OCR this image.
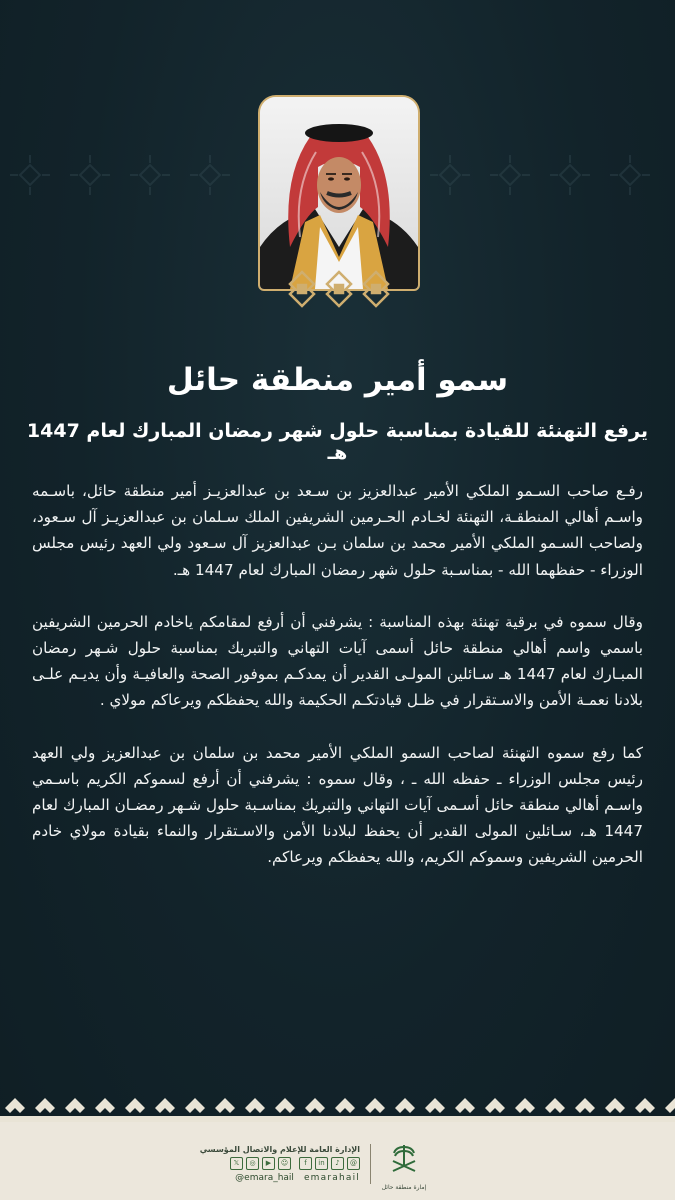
سمو أمير منطقة حائل
يرفع التهنئة للقيادة بمناسبة حلول شهر رمضان المبارك لعام 1447 هـ

رفـع صاحب السـمو الملكي الأمير عبدالعزيز بن سـعد بن عبدالعزيـز أمير منطقة حائل، باسـمه واسـم أهالي المنطقـة، التهنئة لخـادم الحـرمين الشريفين الملك سـلمان بن عبدالعزيـز آل سـعود، ولصاحب السـمو الملكي الأمير محمد بن سلمان بـن عبدالعزيز آل سـعود ولي العهد رئيس مجلس الوزراء - حفظهما الله - بمناسـبة حلول شهر رمضان المبارك لعام 1447 هـ.

وقال سموه في برقية تهنئة بهذه المناسبة : يشرفني أن أرفع لمقامكم ياخادم الحرمين الشريفين باسمي واسم أهالي منطقة حائل أسمى آيات التهاني والتبريك بمناسبة حلول شـهر رمضان المبـارك لعام 1447 هـ سـائلين المولـى القدير أن يمدكـم بموفور الصحة والعافيـة وأن يديـم علـى بلادنا نعمـة الأمن والاسـتقرار في ظـل قيادتكـم الحكيمة والله يحفظكم ويرعاكم مولاي .

كما رفع سموه التهنئة لصاحب السمو الملكي الأمير محمد بن سلمان بن عبدالعزيز ولي العهد رئيس مجلس الوزراء ـ حفظه الله ـ ، وقال سموه : يشرفني أن أرفع لسموكم الكريم باسـمي واسـم أهالي منطقة حائل أسـمى آيات التهاني والتبريك بمناسـبة حلول شـهر رمضـان المبارك لعام 1447 هـ، سـائلين المولى القدير أن يحفظ لبلادنا الأمن والاسـتقرار والنماء بقيادة مولاي خادم الحرمين الشريفين وسموكم الكريم، والله يحفظكم ويرعاكم.

إمارة منطقة حائل
الإدارة العامة للإعلام والاتصال المؤسسي
𝕏	◎	▶	☺	f	in	♪	@
@emara_hail emarahail
